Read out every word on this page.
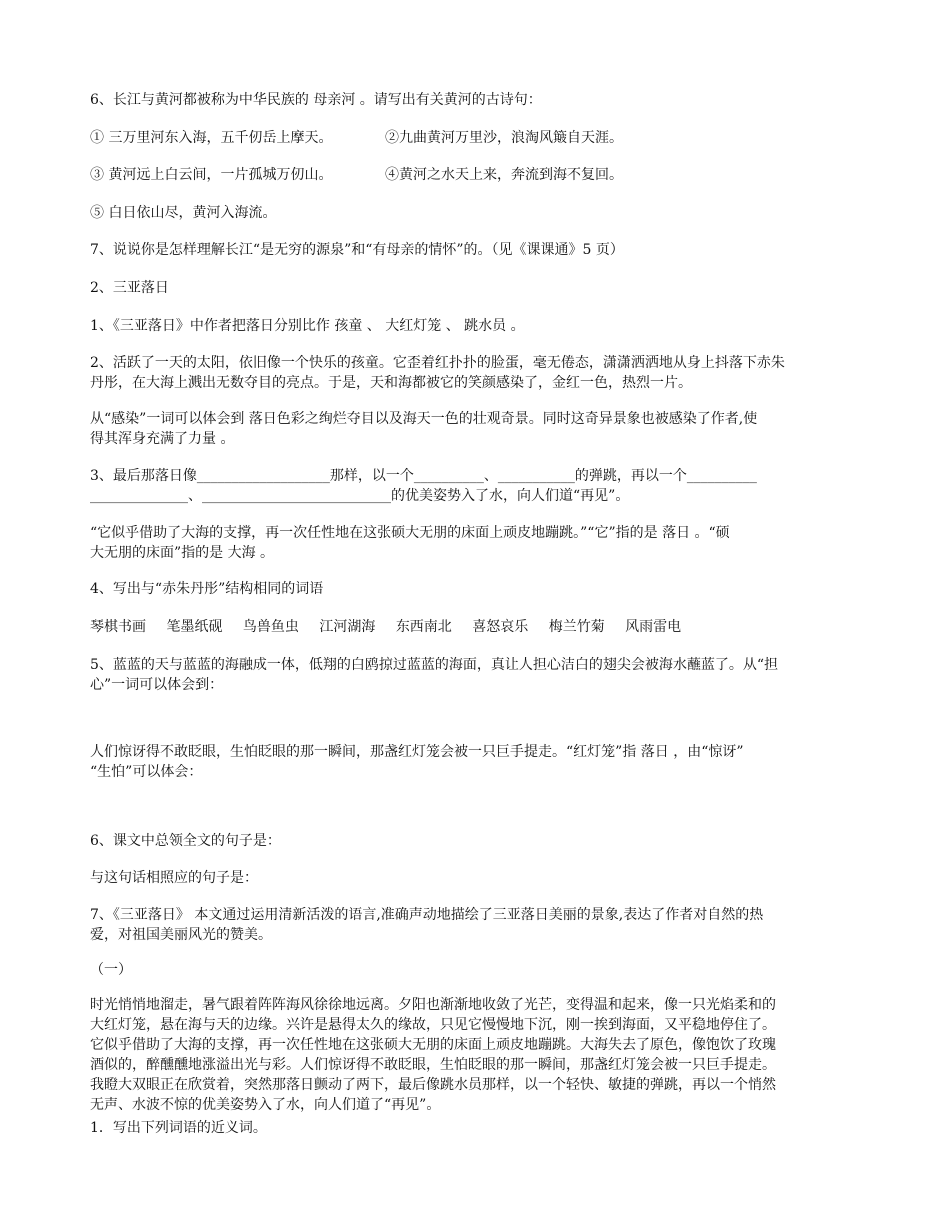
6、长江与黄河都被称为中华民族的 母亲河 。请写出有关黄河的古诗句：
① 三万里河东入海，五千仞岳上摩天。	②九曲黄河万里沙，浪淘风簸自天涯。
③ 黄河远上白云间，一片孤城万仞山。	④黄河之水天上来，奔流到海不复回。
⑤ 白日依山尽，黄河入海流。
7、说说你是怎样理解长江“是无穷的源泉”和“有母亲的情怀”的。（见《课课通》5 页）
2、三亚落日
1、《三亚落日》中作者把落日分别比作 孩童 、 大红灯笼 、 跳水员 。
2、活跃了一天的太阳，依旧像一个快乐的孩童。它歪着红扑扑的脸蛋，毫无倦态，潇潇洒洒地从身上抖落下赤朱
丹彤，在大海上溅出无数夺目的亮点。于是，天和海都被它的笑颜感染了，金红一色，热烈一片。
从“感染”一词可以体会到 落日色彩之绚烂夺目以及海天一色的壮观奇景。同时这奇异景象也被感染了作者,使
得其浑身充满了力量 。
3、最后那落日像___________________那样，以一个__________、___________的弹跳，再以一个__________
______________、___________________________的优美姿势入了水，向人们道“再见”。
“它似乎借助了大海的支撑，再一次任性地在这张硕大无朋的床面上顽皮地蹦跳。”“它”指的是 落日 。“硕
大无朋的床面”指的是 大海 。
4、写出与“赤朱丹彤”结构相同的词语
琴棋书画 笔墨纸砚 鸟兽鱼虫 江河湖海 东西南北 喜怒哀乐 梅兰竹菊 风雨雷电
5、蓝蓝的天与蓝蓝的海融成一体，低翔的白鸥掠过蓝蓝的海面，真让人担心洁白的翅尖会被海水蘸蓝了。从“担
心”一词可以体会到：
人们惊讶得不敢眨眼，生怕眨眼的那一瞬间，那盏红灯笼会被一只巨手提走。“红灯笼”指 落日 ，由“惊讶”
“生怕”可以体会：
6、课文中总领全文的句子是：
与这句话相照应的句子是：
7、《三亚落日》 本文通过运用清新活泼的语言,准确声动地描绘了三亚落日美丽的景象,表达了作者对自然的热
爱，对祖国美丽风光的赞美。
（一）
时光悄悄地溜走，暑气跟着阵阵海风徐徐地远离。夕阳也渐渐地收敛了光芒，变得温和起来，像一只光焰柔和的
大红灯笼，悬在海与天的边缘。兴许是悬得太久的缘故，只见它慢慢地下沉，刚一挨到海面，又平稳地停住了。
它似乎借助了大海的支撑，再一次任性地在这张硕大无朋的床面上顽皮地蹦跳。大海失去了原色，像饱饮了玫瑰
酒似的，醉醺醺地涨溢出光与彩。人们惊讶得不敢眨眼，生怕眨眼的那一瞬间，那盏红灯笼会被一只巨手提走。
我瞪大双眼正在欣赏着，突然那落日颤动了两下，最后像跳水员那样，以一个轻快、敏捷的弹跳，再以一个悄然
无声、水波不惊的优美姿势入了水，向人们道了“再见”。
1．写出下列词语的近义词。
